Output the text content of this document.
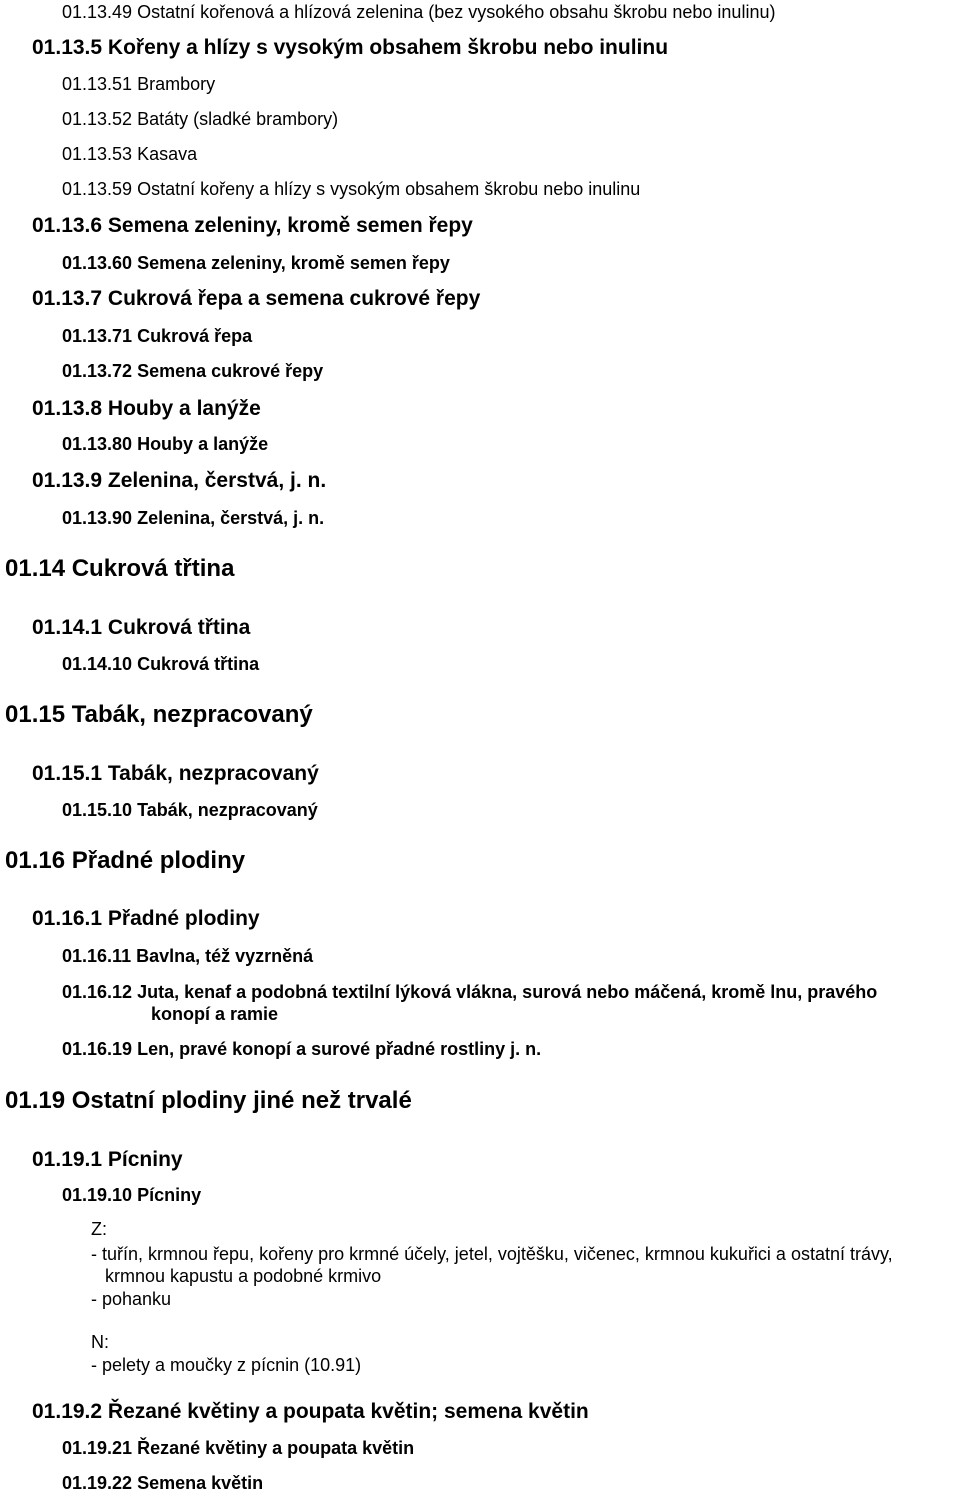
01.13.49 Ostatní kořenová a hlízová zelenina (bez vysokého obsahu škrobu nebo inulinu)
01.13.5 Kořeny a hlízy s vysokým obsahem škrobu nebo inulinu
01.13.51 Brambory
01.13.52 Batáty (sladké brambory)
01.13.53 Kasava
01.13.59 Ostatní kořeny a hlízy s vysokým obsahem škrobu nebo inulinu
01.13.6 Semena zeleniny, kromě semen řepy
01.13.60 Semena zeleniny, kromě semen řepy
01.13.7 Cukrová řepa a semena cukrové řepy
01.13.71 Cukrová řepa
01.13.72 Semena cukrové řepy
01.13.8 Houby a lanýže
01.13.80 Houby a lanýže
01.13.9 Zelenina, čerstvá, j. n.
01.13.90 Zelenina, čerstvá, j. n.
01.14 Cukrová třtina
01.14.1 Cukrová třtina
01.14.10 Cukrová třtina
01.15 Tabák, nezpracovaný
01.15.1 Tabák, nezpracovaný
01.15.10 Tabák, nezpracovaný
01.16 Přadné plodiny
01.16.1 Přadné plodiny
01.16.11 Bavlna, též vyzrněná
01.16.12 Juta, kenaf a podobná textilní lýková vlákna, surová nebo máčená, kromě lnu, pravého
konopí a ramie
01.16.19 Len, pravé konopí a surové přadné rostliny j. n.
01.19 Ostatní plodiny jiné než trvalé
01.19.1 Pícniny
01.19.10 Pícniny
Z:
- tuřín, krmnou řepu, kořeny pro krmné účely, jetel, vojtěšku, vičenec, krmnou kukuřici a ostatní trávy,
krmnou kapustu a podobné krmivo
- pohanku
N:
- pelety a moučky z pícnin (10.91)
01.19.2 Řezané květiny a poupata květin; semena květin
01.19.21 Řezané květiny a poupata květin
01.19.22 Semena květin
